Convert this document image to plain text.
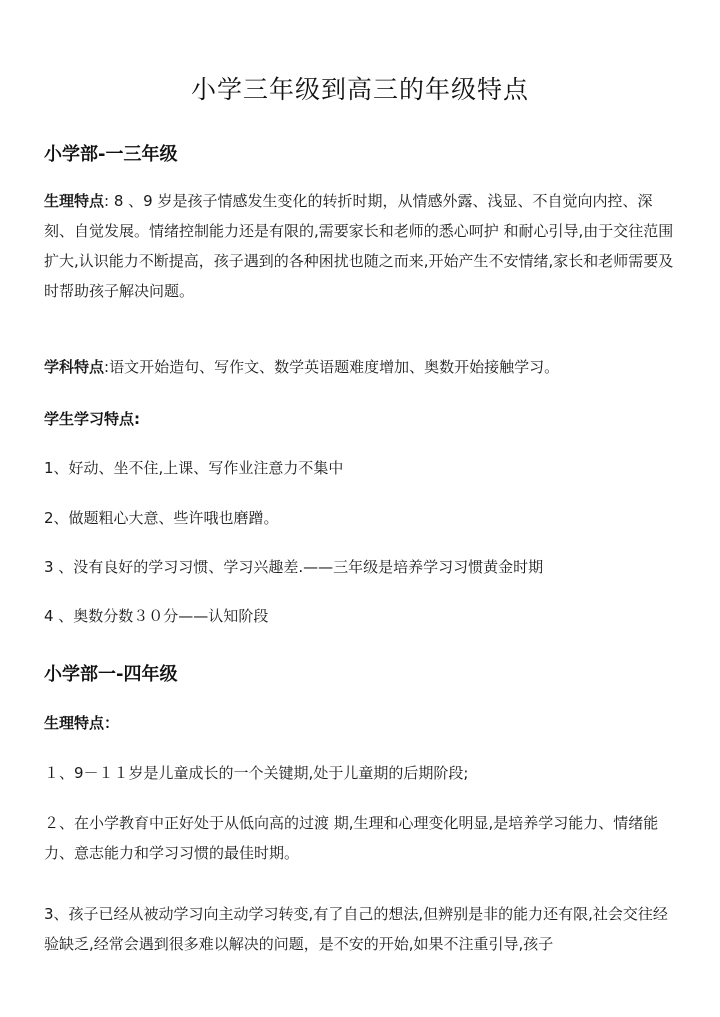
小学三年级到高三的年级特点
小学部-一三年级
生理特点: 8 、9 岁是孩子情感发生变化的转折时期，从情感外露、浅显、不自觉向内控、深刻、自觉发展。情绪控制能力还是有限的,需要家长和老师的悉心呵护 和耐心引导,由于交往范围扩大,认识能力不断提高，孩子遇到的各种困扰也随之而来,开始产生不安情绪,家长和老师需要及时帮助孩子解决问题。
学科特点:语文开始造句、写作文、数学英语题难度增加、奥数开始接触学习。
学生学习特点:
1、好动、坐不住,上课、写作业注意力不集中
2、做题粗心大意、些许哦也磨蹭。
3 、没有良好的学习习惯、学习兴趣差.——三年级是培养学习习惯黄金时期
4 、奥数分数３０分——认知阶段
小学部一-四年级
生理特点：
１、9－１１岁是儿童成长的一个关键期,处于儿童期的后期阶段;
２、在小学教育中正好处于从低向高的过渡 期,生理和心理变化明显,是培养学习能力、情绪能力、意志能力和学习习惯的最佳时期。
3、孩子已经从被动学习向主动学习转变,有了自己的想法,但辨别是非的能力还有限,社会交往经验缺乏,经常会遇到很多难以解决的问题，是不安的开始,如果不注重引导,孩子
